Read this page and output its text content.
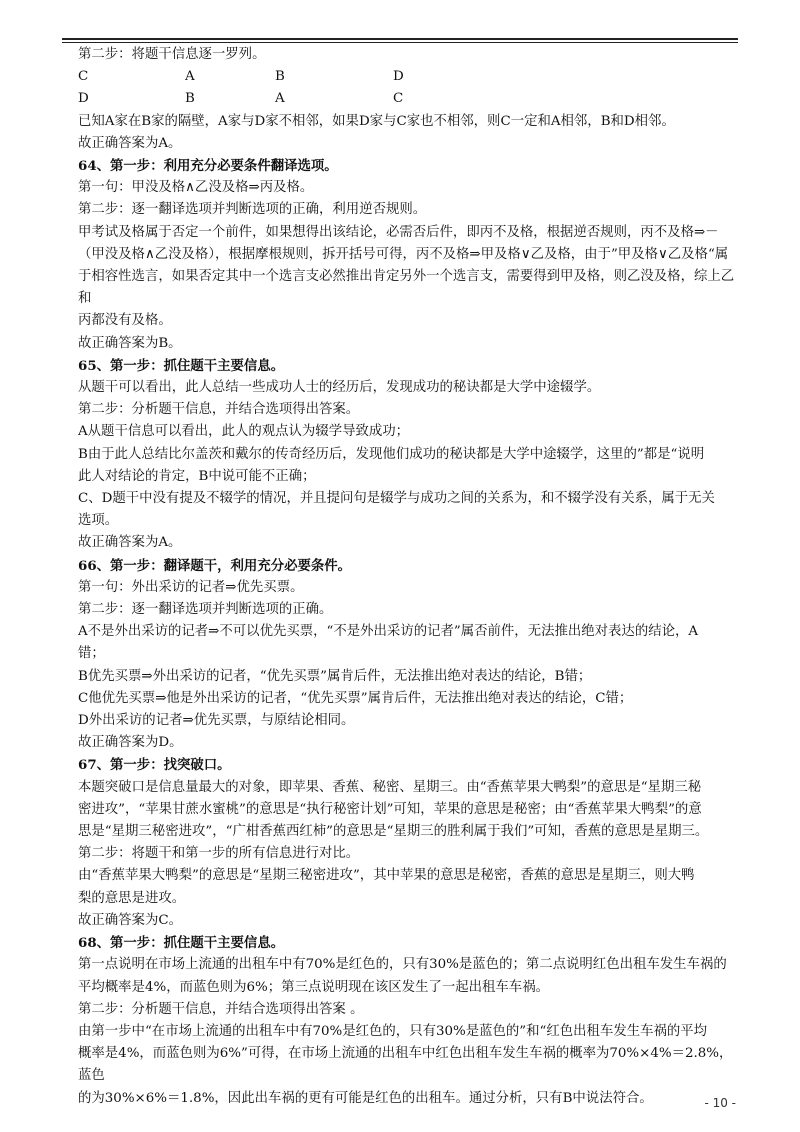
第二步：将题干信息逐一罗列。

C	A	B	D
D	B	A	C

已知A家在B家的隔壁，A家与D家不相邻，如果D家与C家也不相邻，则C一定和A相邻，B和D相邻。

故正确答案为A。

64、第一步：利用充分必要条件翻译选项。

第一句：甲没及格∧乙没及格⇒丙及格。

第二步：逐一翻译选项并判断选项的正确，利用逆否规则。

甲考试及格属于否定一个前件，如果想得出该结论，必需否后件，即丙不及格，根据逆否规则，丙不及格⇒－

（甲没及格∧乙没及格），根据摩根规则，拆开括号可得，丙不及格⇒甲及格∨乙及格，由于”甲及格∨乙及格“属

于相容性选言，如果否定其中一个选言支必然推出肯定另外一个选言支，需要得到甲及格，则乙没及格，综上乙和

丙都没有及格。

故正确答案为B。

65、第一步：抓住题干主要信息。

从题干可以看出，此人总结一些成功人士的经历后，发现成功的秘诀都是大学中途辍学。

第二步：分析题干信息，并结合选项得出答案。

A从题干信息可以看出，此人的观点认为辍学导致成功；

B由于此人总结比尔盖茨和戴尔的传奇经历后，发现他们成功的秘诀都是大学中途辍学，这里的”都是“说明

此人对结论的肯定，B中说可能不正确；

C、D题干中没有提及不辍学的情况，并且提问句是辍学与成功之间的关系为，和不辍学没有关系，属于无关

选项。

故正确答案为A。

66、第一步：翻译题干，利用充分必要条件。

第一句：外出采访的记者⇒优先买票。

第二步：逐一翻译选项并判断选项的正确。

A不是外出采访的记者⇒不可以优先买票，“不是外出采访的记者”属否前件，无法推出绝对表达的结论，A

错；

B优先买票⇒外出采访的记者，“优先买票”属肯后件，无法推出绝对表达的结论，B错；

C他优先买票⇒他是外出采访的记者，“优先买票”属肯后件，无法推出绝对表达的结论，C错；

D外出采访的记者⇒优先买票，与原结论相同。

故正确答案为D。

67、第一步：找突破口。

本题突破口是信息量最大的对象，即苹果、香蕉、秘密、星期三。由“香蕉苹果大鸭梨”的意思是“星期三秘

密进攻”，“苹果甘蔗水蜜桃”的意思是“执行秘密计划”可知，苹果的意思是秘密；由“香蕉苹果大鸭梨”的意

思是“星期三秘密进攻”，“广柑香蕉西红柿”的意思是“星期三的胜利属于我们”可知，香蕉的意思是星期三。

第二步：将题干和第一步的所有信息进行对比。

由“香蕉苹果大鸭梨”的意思是“星期三秘密进攻”，其中苹果的意思是秘密，香蕉的意思是星期三，则大鸭

梨的意思是进攻。

故正确答案为C。

68、第一步：抓住题干主要信息。

第一点说明在市场上流通的出租车中有70%是红色的，只有30%是蓝色的；第二点说明红色出租车发生车祸的

平均概率是4%，而蓝色则为6%；第三点说明现在该区发生了一起出租车车祸。

第二步：分析题干信息，并结合选项得出答案 。

由第一步中“在市场上流通的出租车中有70%是红色的，只有30%是蓝色的”和“红色出租车发生车祸的平均

概率是4%，而蓝色则为6%”可得，在市场上流通的出租车中红色出租车发生车祸的概率为70%×4%＝2.8%，蓝色

的为30%×6%＝1.8%，因此出车祸的更有可能是红色的出租车。通过分析，只有B中说法符合。	- 10 -
